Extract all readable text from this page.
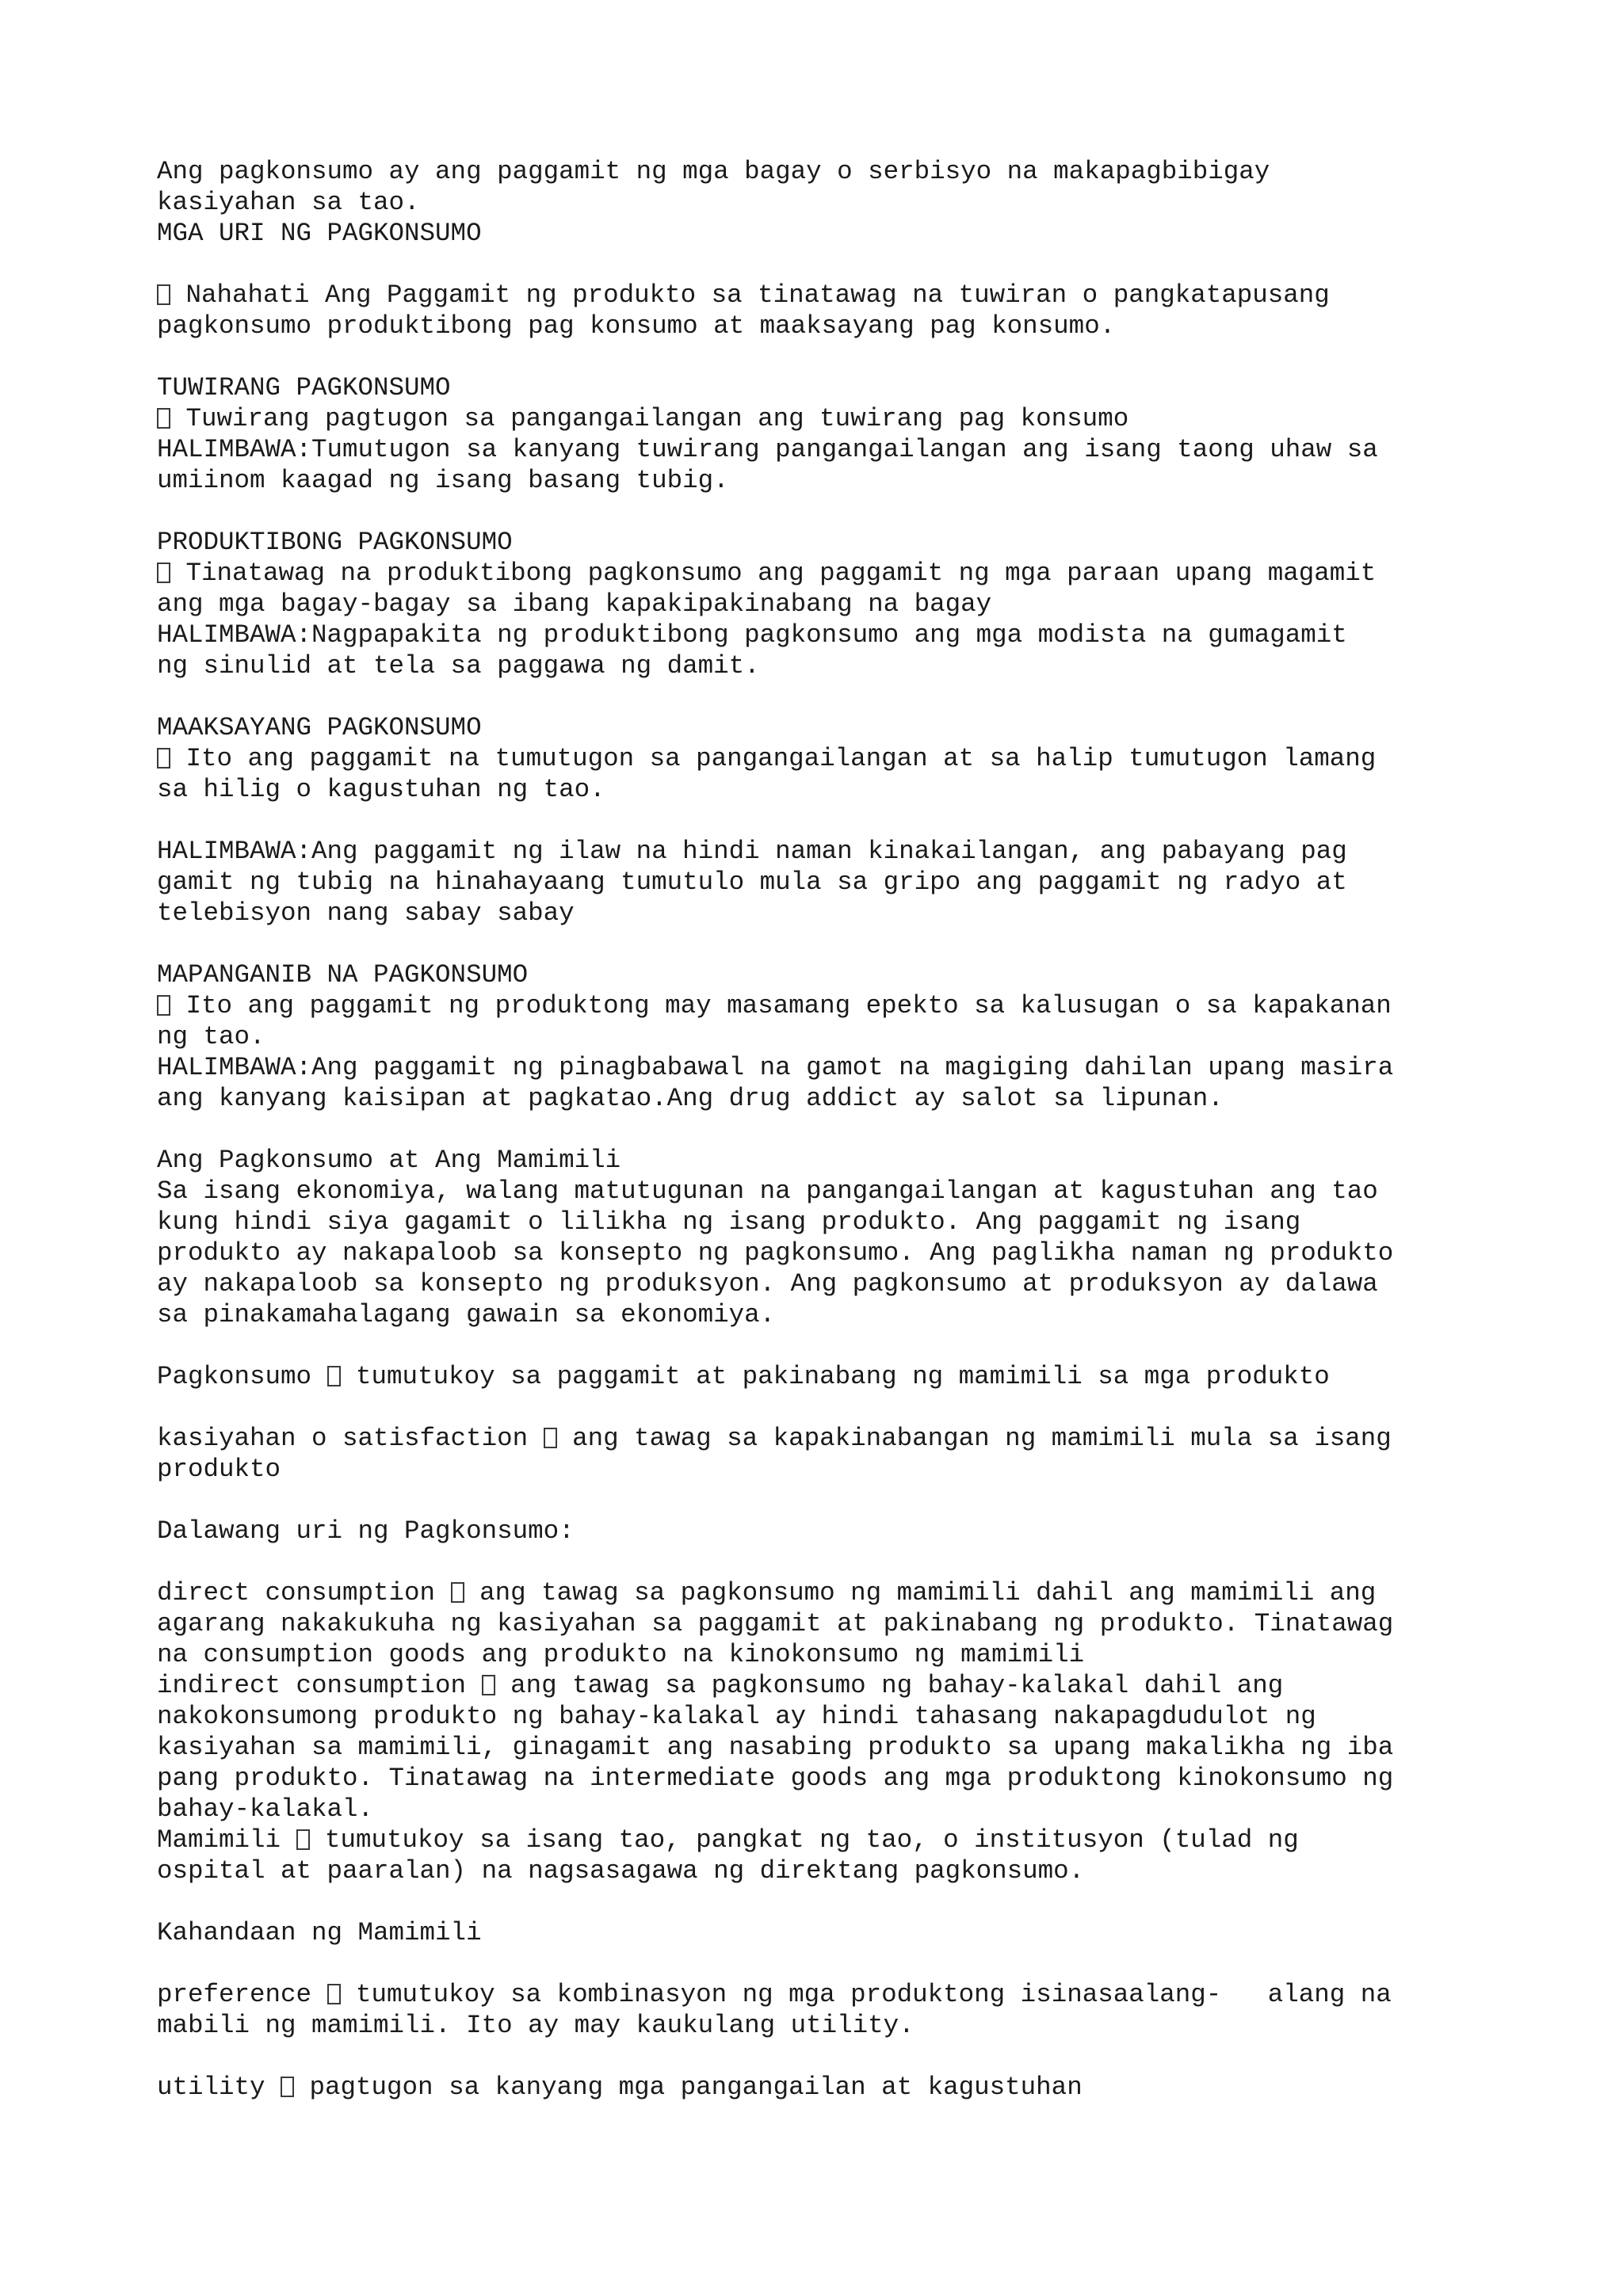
Ang pagkonsumo ay ang paggamit ng mga bagay o serbisyo na makapagbibigay
kasiyahan sa tao.
MGA URI NG PAGKONSUMO
Nahahati Ang Paggamit ng produkto sa tinatawag na tuwiran o pangkatapusang
pagkonsumo produktibong pag konsumo at maaksayang pag konsumo.
TUWIRANG PAGKONSUMO
Tuwirang pagtugon sa pangangailangan ang tuwirang pag konsumo
HALIMBAWA:Tumutugon sa kanyang tuwirang pangangailangan ang isang taong uhaw sa
umiinom kaagad ng isang basang tubig.
PRODUKTIBONG PAGKONSUMO
Tinatawag na produktibong pagkonsumo ang paggamit ng mga paraan upang magamit
ang mga bagay-bagay sa ibang kapakipakinabang na bagay
HALIMBAWA:Nagpapakita ng produktibong pagkonsumo ang mga modista na gumagamit
ng sinulid at tela sa paggawa ng damit.
MAAKSAYANG PAGKONSUMO
Ito ang paggamit na tumutugon sa pangangailangan at sa halip tumutugon lamang
sa hilig o kagustuhan ng tao.
HALIMBAWA:Ang paggamit ng ilaw na hindi naman kinakailangan, ang pabayang pag
gamit ng tubig na hinahayaang tumutulo mula sa gripo ang paggamit ng radyo at
telebisyon nang sabay sabay
MAPANGANIB NA PAGKONSUMO
Ito ang paggamit ng produktong may masamang epekto sa kalusugan o sa kapakanan
ng tao.
HALIMBAWA:Ang paggamit ng pinagbabawal na gamot na magiging dahilan upang masira
ang kanyang kaisipan at pagkatao.Ang drug addict ay salot sa lipunan.
Ang Pagkonsumo at Ang Mamimili
Sa isang ekonomiya, walang matutugunan na pangangailangan at kagustuhan ang tao
kung hindi siya gagamit o lilikha ng isang produkto. Ang paggamit ng isang
produkto ay nakapaloob sa konsepto ng pagkonsumo. Ang paglikha naman ng produkto
ay nakapaloob sa konsepto ng produksyon. Ang pagkonsumo at produksyon ay dalawa
sa pinakamahalagang gawain sa ekonomiya.
Pagkonsumo  tumutukoy sa paggamit at pakinabang ng mamimili sa mga produkto
kasiyahan o satisfaction  ang tawag sa kapakinabangan ng mamimili mula sa isang
produkto
Dalawang uri ng Pagkonsumo:
direct consumption  ang tawag sa pagkonsumo ng mamimili dahil ang mamimili ang
agarang nakakukuha ng kasiyahan sa paggamit at pakinabang ng produkto. Tinatawag
na consumption goods ang produkto na kinokonsumo ng mamimili
indirect consumption  ang tawag sa pagkonsumo ng bahay-kalakal dahil ang
nakokonsumong produkto ng bahay-kalakal ay hindi tahasang nakapagdudulot ng
kasiyahan sa mamimili, ginagamit ang nasabing produkto sa upang makalikha ng iba
pang produkto. Tinatawag na intermediate goods ang mga produktong kinokonsumo ng
bahay-kalakal.
Mamimili  tumutukoy sa isang tao, pangkat ng tao, o institusyon (tulad ng
ospital at paaralan) na nagsasagawa ng direktang pagkonsumo.
Kahandaan ng Mamimili
preference  tumutukoy sa kombinasyon ng mga produktong isinasaalang-   alang na
mabili ng mamimili. Ito ay may kaukulang utility.
utility  pagtugon sa kanyang mga pangangailan at kagustuhan
